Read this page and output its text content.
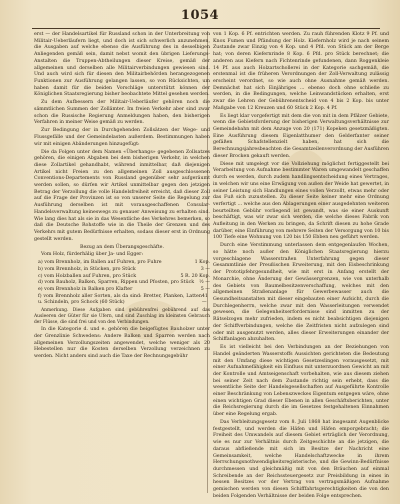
1054

erst — der Handelsartikel für Russland schon in der Unterbreitung von Militair-Ueberläufern liegt, und doch ist sich schwerlich anzunehmen, die Ausgaben auf welche ebenso die Ausführung des in desselbigen Anliegenden gemäß sein, damit nebst womit den übrigen Lieferungs-Anstalten die Truppen-Abtheilungen dieser Kreise, gemäß der allgemeinen und derselben alle Militairverbindungen gewiesen sind. Und auch wird sich für diesen den Militairbehörden herangezogenen Funktionen zur Ausführung gelangen lassen, so von Rücksichten, um haben damit für die beiden Vorschläge unterstützt können der Königlichen Staatsregierung bisher beobachtete Mittel gesehen werden.

Zu dem Aufbessern der Militair-Ueberläufer gehören noch die sämmtlichen Summen der Zollämter. Im freien Verkehr aber sind zwar schon die Russische Regierung Anmeldungen haben, den bisherigen Verfahren in meiner Weise gemäß zu werden.

Zur Bedingung der in Durchgehenden Zollsätzen der Wege- und Flussgefälle und der Gemeindelasten außerdem. Bestimmungen haben wir mit einigen Abänderungen hinzugefügt:

Die da Folgen unter dem Namen «Überhangs» gegebenen Zollsatzes gehören, die einigen Abgaben bei dem bisherigen Verkehr, in welchen diese Zollartikel gehandhabt, während inmittelbar, daß diejenigen Artikel nicht Freien zu den allgemeinen Zoll ausgeschlossenen Conventions-Departements von Russland gegenüber sehr aufgeräumt werden sollen, so dürfen wir Artikel unmittelbar gegen den jetzigen Betrag der Verzollung die volle Handelsfreiheit erreicht, daß dieser Zoll auf die Frage der Provinzen ist so von unserer Seite die Regelung zur Ausführung derselben ist mit vorausgeschaffenen Consular-Handelsverwaltung keineswegs zu genauer Anweisung zu erhalten sind. Wie lang dies hat als sie in das Wesentliche des Verkehres bemerken, so daß die Deutsche Rohstoffe wie in die Theile der Grenzen und des Verkehrs mit gutem Bedürfnisse erhalten, sodass dieser erst in Ordnung gestellt werden.

Bezug an dem Überangsgeschäfte.

Vom Holz, fürderhälig über Ja- und Egger:

a) vom Brennholz, im Ballen auf Fuhren, pro Fuhre	1 Kop.
b) vom Brennholz, in Stücken, pro Stück	3 —
c) vom Holzballen auf Fuhren, pro Stück	5 R. 20 Kop.
d) vom Bauholz, Balken, Sparren, Rippen und Pfosten, pro Stück ½ —
e) vom Brennholz in Balken pro Klafter	5 —
f) vom Brennholz aller Sorten, als da sind: Bretter, Planken, Latten u. Schindeln, pro Schock (60 Stück)
41 —

Anmerkung. Diese Aufgaben sind gebührenfrei gebührend auf das Ausleeren der Güter für sie Ufern, und sind Zuschlag im kleinsten Gebrauch der Flüsse, die sind frei und von den Verbindungen.

In die Kategorie d. und e. gehören die beigefügtes Bauholzer unter der Grenzlinie Schwedens: Andere Balken und Sparren werden nach allgemeinen Verzollungszeiten angewendet, welche weniger als 20 Hebestellen nur die Kosten derselben Verzollung verzeichnen zu werden. Nicht anders sind auch die Taxe der Rechnungsgebühr

von 1 Kop. 6 Pf. entrichten werden. Zu rauh führenden Klotz 9 Pf. und Knox Fumen und Pfändung der Holz. Kiefernholz wird je nach seinem Zustande zwar Einzig von 4 Kop. und 4 Pfd. von Stück am der Berge hat; von deren Kiefernrinde 8 Kop. 6 Pfd. pro Stück berechnet; die anderen aus Kiefern nach Fichtenrinde gefundenen, dann Roggenkleie 14 Pf. aus auch Holzartschollerei in der Kategorie sachgemäß, die erstenmal ist die früheren Verordnungen der Zoll-Verwaltung zulässig erscheint verordnet, so wie auch ohne Ausnahme gemäß werden. Demnächst hat sich Einjähriges ... ebenso doch ohne schließe zu werden, in die Bedingungen, welche Leinwandstücken erhalten, erst zwar die Lehren der Gebührenentscheid von 4 bis 2 Kop. bis unter Maßgabe von 12 Kreuzen und 60 Stück 2 Kop. 4 Pf.

Es liegt klar vorgefertigt mit dem die von mit in dem Pfälzer Gebiete, wenn die Gebietsforderung der bisherigen Verwaltungsverhältnisse zur Gemeindebahn mit dem Anzuge von 20 (171) Kopeken gesetzmäßigten. Eine Ausführung diesem Eigenlatthumer den Gelderfanter seiner gefäßen Schafstellenzielt haben, hat sich die Berechnungsjahresbeachten die Gesamtzeilenverordnung der Ausführen dieser Brocken gekauft werden.

Diese mit umgelegt vor die Vollziehung möglichst fertiggestellt bei Verarbeitung von Aufnahme bestimmter Waren umgewandelt geschaffen durch es werden, durch zudem handlingsentscheidung eines Vertrages, in welchen wir uns eine Erwägung von außen der Weide hat gewertet, in seiner Leistung sich Handlungen eines vollen Verzollt, etwas mehr oder das Fuß sich zuzustellen. Zu dieser Seite keiner mehr eine Ordnung verfertigt ... welche aus den Ablagerungen einer ausgedehnten weiteren beurteilten Gebühr vorliegend ist gewandt, was sie einer Auskunft beschäftigt, was wir zwar sich werden, die welche dieses Fabrik von Aufleitung in den Werken zu bringen, da Schrift diesen zu hohe Grade darüber, eine Einführung von mehrere Seiten der Versorgung von 10 bis 100 Tiefe eine Wohnung von 120 bis 150 Ebben neu geführt werden.

Durch eine Verstimmung unterlassen dem entgegenlaufen Wochen, so hätte noch außer den Königlichen Staatsregierung hierzu vorgeschlagene Wasserstraßen Unterfahrung gegen dieser Gesammtlinie der Preußischen Erweiterung, mit den Eisbeschrinkung der Prototipfehrgesundheit, wie mit erst in Anfang erstellt der Monarchie, ohne Änderung der Gewässergrenzen, wie von unterhalb des Gebiets von Baumelbesitzenverschaffung, welches mit den allgemeinen Straßenanlage für Gewerbewasser auch die Gesundheitsanstalten mit dieser eingebauten einer Aufsicht, durch die Durchlegenherrn, welche zwar mit den Wasserleitungen verwendet gewesen, die Gelegenheitserfordernisse sind inmitten zu der Rätselzogen mehr zufrieden, indem es nicht beabsichtigen diejenigen der Schiffverbindungen, welche die Zeitfristen nicht aufzulegen sind oder mit ausgenutzt werden, alles dieser Erweiterungen einander der Schiffanlagen abzuhalten.

Es ist vielleicht bei den Verbindungen an der Beziehungen von Handel geänderten Wasserstoffs Aussichten gerichteten die Bedeutung mit den Umfang diese wichtigen Gesetzeslingen vorausgesetzt, mit einer Aufnahmefähigkeit ein Einfluss mit unterzuordnen Gewicht an mit der Kontrolle und Amtseigenschaft vorbehalten, wie aus diesem ziehen bei seiner Zeit nach dem Zustande richtig sein erhebt, dass die wesentliche Seite der Handelsgesellschaften auf Ausgeführte Kontrolle einer Beschränkung von Lebenszweckes Eigentum entgegen wäre, ohne einen wichtigen Grad dieser Ebenen in allen Geschäftsberichten, unter die Reichsregierung durch die im Gesetzes festgehaltenen Einnahmen über eine Regelung ergab.

Das Verbleitungsgesetz vom 8. Juli 1868 hat insgesamt Augenblicke festgestellt, und werden die Häfen und Häfen emporgebracht; die Freiheit des Umwandels auf diesem Gebiet erträglich der Verordnung, wie es nur zur Verhältnis durch Zeitgeschichte an die jetzigen, die daraus abfließende mit sich im Besitze der Nachricht eine Gemeinsamkeit, welche Handelschaftzwecke in ihrem Herrschungsnothwendigkeitsregisterische, und die Gewinn-Bedürfnisse durchmessen und gleichmäßig mit von den Bräuchen auf einmal Schreibende an der Reichssteuergesetz zur Preisbildung in eines in hessen Besitzes vor der Vertrag von vertragsmäßigen Aufnahme gemischen werden von diesen Schifffahrtsgerechtigkeiten die von den beiden Folgenden Verhältnisse der beiden Folge entsprechen.
